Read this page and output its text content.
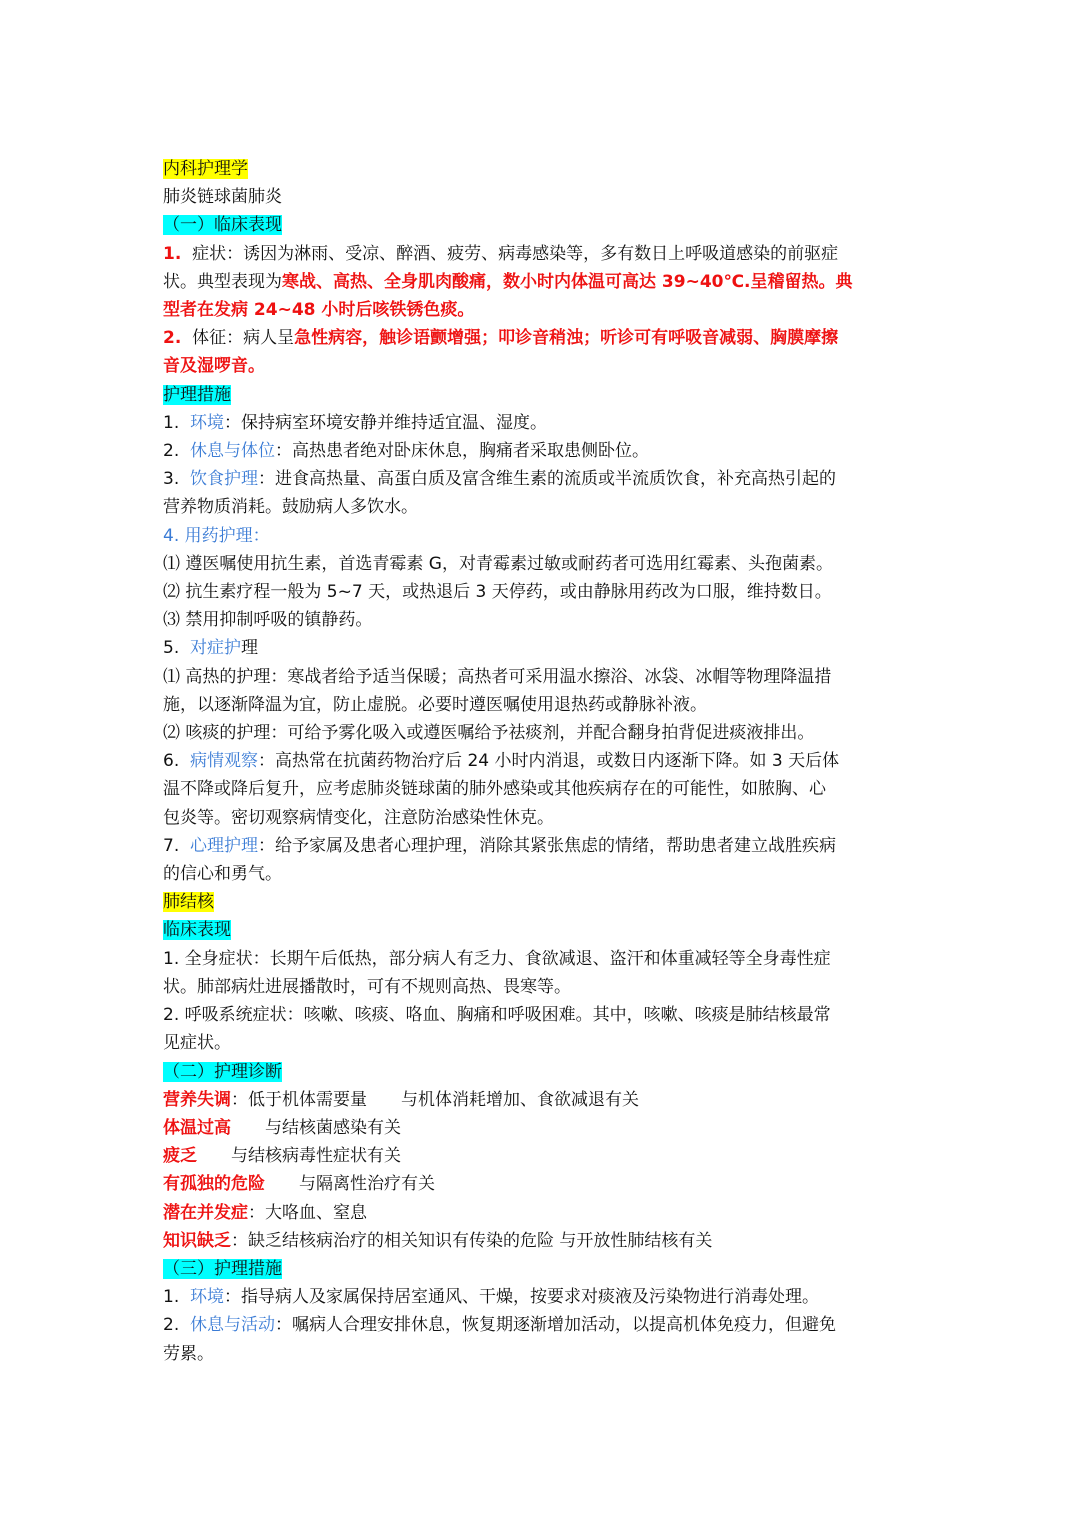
内科护理学
肺炎链球菌肺炎
（一）临床表现
1. 症状：诱因为淋雨、受凉、醉酒、疲劳、病毒感染等，多有数日上呼吸道感染的前驱症
状。典型表现为寒战、高热、全身肌肉酸痛，数小时内体温可高达 39~40℃.呈稽留热。典
型者在发病 24~48 小时后咳铁锈色痰。
2. 体征：病人呈急性病容，触诊语颤增强；叩诊音稍浊；听诊可有呼吸音减弱、胸膜摩擦
音及湿啰音。
护理措施
1. 环境：保持病室环境安静并维持适宜温、湿度。
2. 休息与体位：高热患者绝对卧床休息，胸痛者采取患侧卧位。
3. 饮食护理：进食高热量、高蛋白质及富含维生素的流质或半流质饮食，补充高热引起的
营养物质消耗。鼓励病人多饮水。
4. 用药护理：
⑴ 遵医嘱使用抗生素，首选青霉素 G，对青霉素过敏或耐药者可选用红霉素、头孢菌素。
⑵ 抗生素疗程一般为 5~7 天，或热退后 3 天停药，或由静脉用药改为口服，维持数日。
⑶ 禁用抑制呼吸的镇静药。
5. 对症护理
⑴ 高热的护理：寒战者给予适当保暖；高热者可采用温水擦浴、冰袋、冰帽等物理降温措
施，以逐渐降温为宜，防止虚脱。必要时遵医嘱使用退热药或静脉补液。
⑵ 咳痰的护理：可给予雾化吸入或遵医嘱给予祛痰剂，并配合翻身拍背促进痰液排出。
6. 病情观察：高热常在抗菌药物治疗后 24 小时内消退，或数日内逐渐下降。如 3 天后体
温不降或降后复升，应考虑肺炎链球菌的肺外感染或其他疾病存在的可能性，如脓胸、心
包炎等。密切观察病情变化，注意防治感染性休克。
7. 心理护理：给予家属及患者心理护理，消除其紧张焦虑的情绪，帮助患者建立战胜疾病
的信心和勇气。
肺结核
临床表现
1. 全身症状：长期午后低热，部分病人有乏力、食欲减退、盗汗和体重减轻等全身毒性症
状。肺部病灶进展播散时，可有不规则高热、畏寒等。
2. 呼吸系统症状：咳嗽、咳痰、咯血、胸痛和呼吸困难。其中，咳嗽、咳痰是肺结核最常
见症状。
（二）护理诊断
营养失调：低于机体需要量 与机体消耗增加、食欲减退有关
体温过高 与结核菌感染有关
疲乏 与结核病毒性症状有关
有孤独的危险 与隔离性治疗有关
潜在并发症：大咯血、窒息
知识缺乏：缺乏结核病治疗的相关知识有传染的危险 与开放性肺结核有关
（三）护理措施
1. 环境：指导病人及家属保持居室通风、干燥，按要求对痰液及污染物进行消毒处理。
2. 休息与活动：嘱病人合理安排休息，恢复期逐渐增加活动，以提高机体免疫力，但避免
劳累。
